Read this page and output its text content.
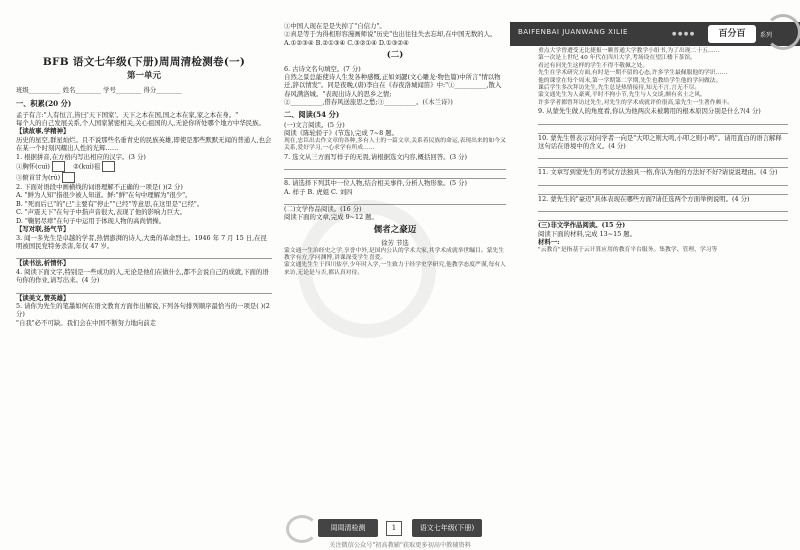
BAIFENBAI JUANWANG XILIE	● ● ● ●	百分百	系列
BFB 语文七年级(下册)周周清检测卷(一)
第一单元

班级__________ 姓名________ 学号________ 得分________

一、积累(20 分)

孟子有言:"人有恒言,皆曰'天下国家'。天下之本在国,国之本在家,家之本在身。"

每个人的自己发展关系,个人国家紧密相关,关心祖国的人,无论你所处哪个地方中华民族。

【读故事,学精神】

历史的星空,群星灿烂。且不说那些名垂青史的民族英雄,即使是那些默默无闻的普通人,也会在某一个时刻闪耀出人性的光辉……

1. 根据拼音,在方格内写出相应的汉字。(3 分)

①胸怀(cuì)	②(kuí)祖

③俯首甘为(rú)

2. 下面对语段中画横线的词语理解不正确的一项是( )(2 分)

A. "鲜为人知"指很少被人知道。鲜:"鲜"在句中理解为"很少"。

B. "死而后已"的"已"主要有"停止""已经"等意思,在这里是"已经"。

C. "声震天下"在句子中指声音很大,表现了他的影响力巨大。

D. "鞠躬尽瘁"在句子中运用于体现人物的高尚情操。

【写对联,扬气节】

3. 闻一多先生是卓越的学者,热情澎湃的诗人,大勇的革命烈士。1946 年 7 月 15 日,在昆明被国民党特务杀害,年仅 47 岁。

【读书法,析情怀】

4. 阅读下面文字,特别是一些成功的人,无论是他们在做什么,都不会说自己的成就,下面的语句你的作业,请写出来。(4 分)

【读美文,赞英雄】

5. 请你为先生的笔墨如何在语文教育方面作出解说,下列各句排列顺序最恰当的一项是( )(2 分)

"自我"必不可缺。我们会在中国不断努力地向前走

①中国人现在是是失掉了"自信力"。

②真是等于为得相形容漫画师说"历史"也出往往失去忘却,在中国无数的人。

A.①②③④ B.②①③④ C.③②①④ D.①③②④

(二)

6. 古诗文名句填空。(7 分)

自然之景总能使诗人生发各种感慨,正如刘勰(文心雕龙·物色篇)中所言"情以物迁,辞以情发"。同是夜晚,(唐)李白在《春夜洛城闻笛》中:"①__________,散入春风满洛城。"表现出诗人的思乡之情;

②__________,借春风送旅思之愁;③__________。(《木兰诗》)

二、阅读(54 分)

(一)文言阅读。(5 分)

阅读《陈轮轿子》(节选),完成 7~8 题。

现在,忠臣出去作文章的各种,多有人士的一篇文章,关系着民族的命运,表现出来的如今又关系,爱好学习,一心求学有所成……

7. 选文从三方面写样子的无畏,请根据选文内容,概括回答。(3 分)

8. 请选择下列其中一位人物,结合相关事件,分析人物形象。(5 分)

A. 样子 B. 虎姐 C. 刘四

(二)文学作品阅读。(16 分)

阅读下面的文章,完成 9~12 题。

儒者之豪迈

徐芳 节选

蒙文通一生治经史之学,享誉中外,是国内公认的学术大家,其学术成就举世瞩目。蒙先生教学有方,学问渊博,讲课深受学生喜爱。

蒙文通先生生于四川盐亭,少年时入学,一生致力于经学史学研究,他教学态度严谨,每有人来访,无论是与否,都认真对待。

重点大学曾遭受无比捷报一颗普通大学教学小组书,为了出现二十五……

第一次是上世纪 40 年代在四川大学,考场设在望江楼下茶馆。

看过有问先生这样的学生不得不敬佩之处。

先生在学术研究方面,有时是一期不留的心态,许多学生最佩服他的学识……

他的课堂在每个周末,第一学期第二学期,先生也教给学生他的学问做法。

课后学生多次拜访先生,先生总是热情接待,知无不言,言无不尽。

蒙文通先生为人豪爽,平时不拘小节,先生与人交谈,颇有名士之风。

许多学者都曾拜访过先生,对先生的学术成就评价很高,蒙先生一生著作颇丰。

9. 从蒙先生做人的角度看,你认为他两次未被聘用的根本原因分别是什么?(4 分)

10. 蒙先生曾表示对问学者一向是"大叩之则大鸣,小叩之则小鸣"。请用直白的语言解释这句话在语境中的含义。(4 分)

11. 文章写到蒙先生的考试方法独具一格,你认为他的方法好不好?请说说理由。(4 分)

12. 蒙先生的"豪迈"具体表现在哪些方面?请任选两个方面举例说明。(4 分)

(三)非文学作品阅读。(15 分)

阅读下面的材料,完成 13~15 题。

材料一:

"云教育"是指基于云计算应用的教育平台服务。集教学、管理、学习等

周周清检测	1	语文七年级(下册)
关注微信公众号"初高教辅"获取更多初高中教辅资料
